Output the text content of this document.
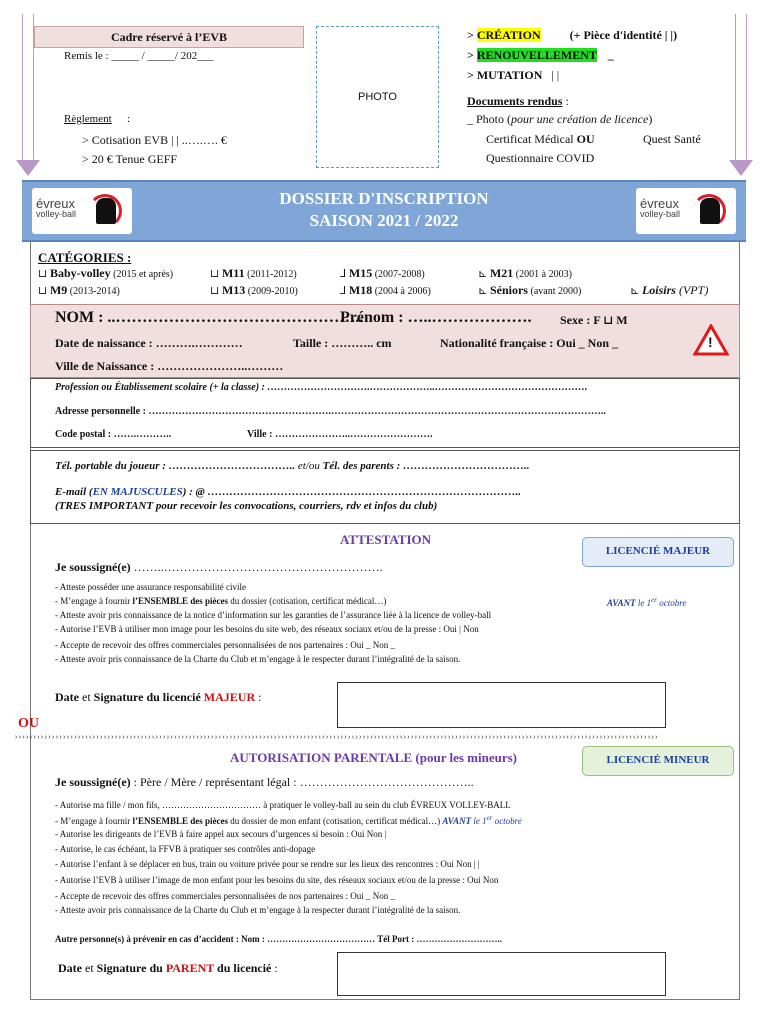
Cadre réservé à l’EVB
Remis le : _____ / _____/ 202___
Règlement :
> Cotisation EVB | | ..….…. €
> 20 € Tenue GEFF
PHOTO
> CRÉATION (+ Pièce d'identité | |)
> RENOUVELLEMENT _
> MUTATION | |
Documents rendus :
_ Photo (pour une création de licence)
Certificat Médical OU	Quest Santé
Questionnaire COVID
évreux
volley-ball
DOSSIER D'INSCRIPTION
SAISON 2021 / 2022
évreux
volley-ball
CATÉGORIES :
⊔ Baby-volley (2015 et après)	⊔ M11 (2011-2012)	⅃ M15 (2007-2008)	⊾ M21 (2001 à 2003)
⊔ M9 (2013-2014)	⊔ M13 (2009-2010)	⅃ M18 (2004 à 2006)	⊾ Séniors (avant 2000)	⊾ Loisirs (VPT)
NOM : ..………………………………………..
Prénom : …..………………. Sexe : F ⊔ M
Date de naissance : ……….…………	Taille : ……….. cm	Nationalité française : Oui _ Non _
Ville de Naissance : …………………..………
!
Profession ou Établissement scolaire (+ la classe) : ………………………….………………..……………………………………….
Adresse personnelle : ……………………………………………….………………………………………………………………………..
Code postal : …….………..	Ville : …………………..…………………….
Tél. portable du joueur : …………………………….. et/ou Tél. des parents : ……………………………..
E-mail (EN MAJUSCULES) : @ …………………………………………………………………………..
(TRES IMPORTANT pour recevoir les convocations, courriers, rdv et infos du club)
ATTESTATION
LICENCIÉ MAJEUR
Je soussigné(e) ……..……………………………………………….
- Atteste posséder une assurance responsabilité civile
- M’engage à fournir l’ENSEMBLE des pièces du dossier (cotisation, certificat médical…)	AVANT le 1er octobre
- Atteste avoir pris connaissance de la notice d’information sur les garanties de l’assurance liée à la licence de volley-ball
- Autorise l’EVB à utiliser mon image pour les besoins du site web, des réseaux sociaux et/ou de la presse : Oui | Non
- Accepte de recevoir des offres commerciales personnalisées de nos partenaires : Oui _ Non _
- Atteste avoir pris connaissance de la Charte du Club et m’engage à le respecter durant l’intégralité de la saison.
Date et Signature du licencié MAJEUR :
OU
››››››››››››››››››››››››››››››››››››››››››››››››››››››››››››››››››››››››››››››››››››››››››››››››››››››››››››››››››››››››››››››››››››››››››››››››››››››››››››››››››››››››››››››
AUTORISATION PARENTALE (pour les mineurs)	LICENCIÉ MINEUR
Je soussigné(e) : Père / Mère / représentant légal : ……………………………………..
- Autorise ma fille / mon fils, …………………………… à pratiquer le volley-ball au sein du club ÉVREUX VOLLEY-BALL
- M’engage à fournir l’ENSEMBLE des pièces du dossier de mon enfant (cotisation, certificat médical…) AVANT le 1er octobre
- Autorise les dirigeants de l’EVB à faire appel aux secours d’urgences si besoin : Oui Non |
- Autorise, le cas échéant, la FFVB à pratiquer ses contrôles anti-dopage
- Autorise l’enfant à se déplacer en bus, train ou voiture privée pour se rendre sur les lieux des rencontres : Oui Non | |
- Autorise l’EVB à utiliser l’image de mon enfant pour les besoins du site, des réseaux sociaux et/ou de la presse : Oui Non
- Accepte de recevoir des offres commerciales personnalisées de nos partenaires : Oui _ Non _
- Atteste avoir pris connaissance de la Charte du Club et m’engage à la respecter durant l’intégralité de la saison.
Autre personne(s) à prévenir en cas d’accident : Nom : ……………………………… Tél Port : ………………………..
Date et Signature du PARENT du licencié :
